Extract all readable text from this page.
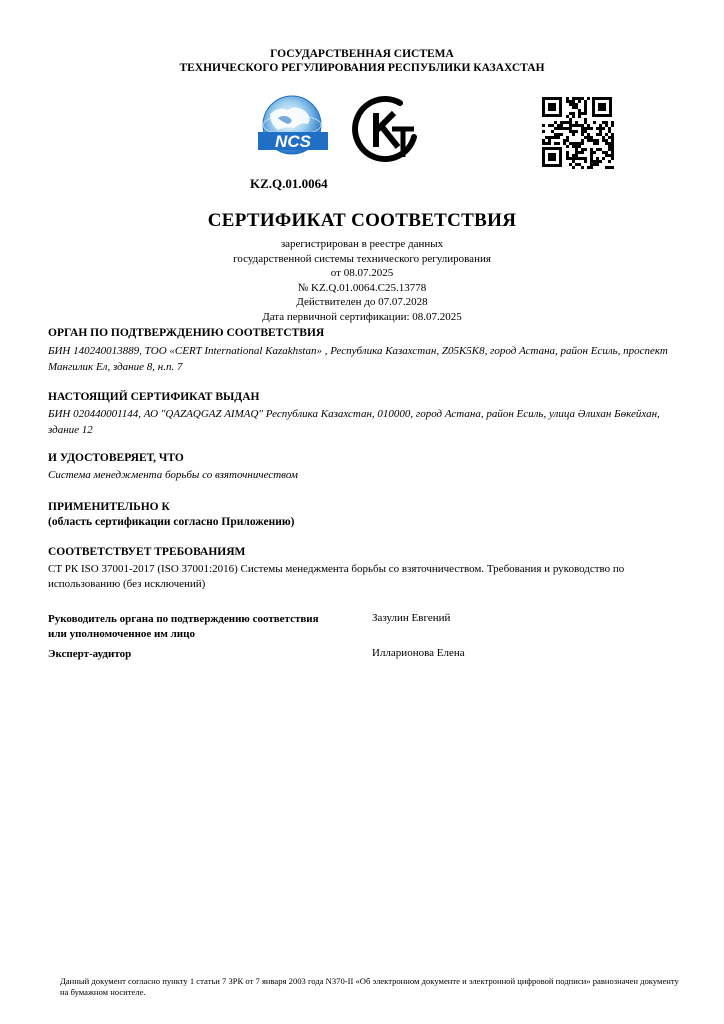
ГОСУДАРСТВЕННАЯ СИСТЕМА
ТЕХНИЧЕСКОГО РЕГУЛИРОВАНИЯ РЕСПУБЛИКИ КАЗАХСТАН
NCS
KZ.Q.01.0064
СЕРТИФИКАТ СООТВЕТСТВИЯ
зарегистрирован в реестре данных
государственной системы технического регулирования
от 08.07.2025
№ KZ.Q.01.0064.C25.13778
Действителен до 07.07.2028
Дата первичной сертификации: 08.07.2025
ОРГАН ПО ПОДТВЕРЖДЕНИЮ СООТВЕТСТВИЯ
БИН 140240013889, ТОО «CERT International Kazakhstan» , Республика Казахстан, Z05K5K8, город Астана, район Есиль, проспект Мангилик Ел, здание 8, н.п. 7
НАСТОЯЩИЙ СЕРТИФИКАТ ВЫДАН
БИН 020440001144, АО "QAZAQGAZ AIMAQ" Республика Казахстан, 010000, город Астана, район Есиль, улица Әлихан Бөкейхан, здание 12
И УДОСТОВЕРЯЕТ, ЧТО
Система менеджмента борьбы со взяточничеством
ПРИМЕНИТЕЛЬНО К
(область сертификации согласно Приложению)
СООТВЕТСТВУЕТ ТРЕБОВАНИЯМ
СТ РК ISO 37001-2017 (ISO 37001:2016) Системы менеджмента борьбы со взяточничеством. Требования и руководство по использованию (без исключений)
Руководитель органа по подтверждению соответствия или уполномоченное им лицо
Зазулин Евгений
Эксперт-аудитор	Илларионова Елена
Данный документ согласно пункту 1 статьи 7 ЗРК от 7 января 2003 года N370-II «Об электронном документе и электронной цифровой подписи» равнозначен документу на бумажном носителе.
